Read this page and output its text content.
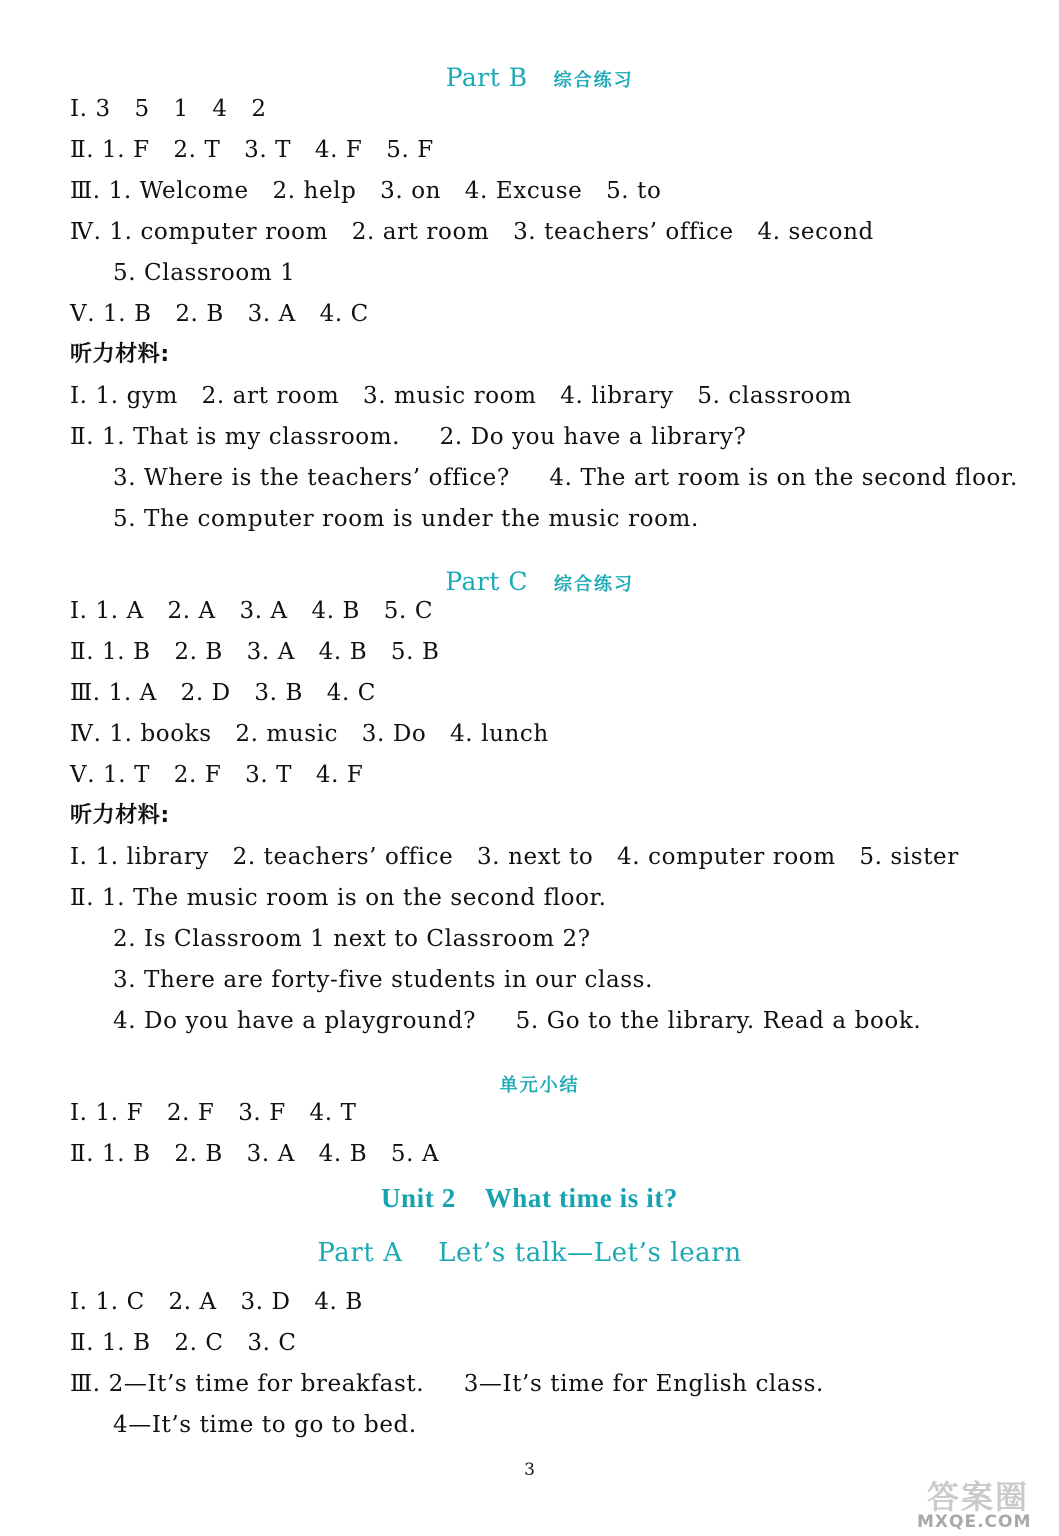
Part B 综合练习

Ⅰ. 3   5   1   4   2
Ⅱ. 1. F   2. T   3. T   4. F   5. F
Ⅲ. 1. Welcome   2. help   3. on   4. Excuse   5. to
Ⅳ. 1. computer room   2. art room   3. teachers’ office   4. second
5. Classroom 1
Ⅴ. 1. B   2. B   3. A   4. C
听力材料:
Ⅰ. 1. gym   2. art room   3. music room   4. library   5. classroom
Ⅱ. 1. That is my classroom.     2. Do you have a library?
3. Where is the teachers’ office?     4. The art room is on the second floor.
5. The computer room is under the music room.

Part C 综合练习

Ⅰ. 1. A   2. A   3. A   4. B   5. C
Ⅱ. 1. B   2. B   3. A   4. B   5. B
Ⅲ. 1. A   2. D   3. B   4. C
Ⅳ. 1. books   2. music   3. Do   4. lunch
Ⅴ. 1. T   2. F   3. T   4. F
听力材料:
Ⅰ. 1. library   2. teachers’ office   3. next to   4. computer room   5. sister
Ⅱ. 1. The music room is on the second floor.
2. Is Classroom 1 next to Classroom 2?
3. There are forty-five students in our class.
4. Do you have a playground?     5. Go to the library. Read a book.

单元小结

Ⅰ. 1. F   2. F   3. F   4. T
Ⅱ. 1. B   2. B   3. A   4. B   5. A
Unit 2    What time is it?
Part A    Let’s talk—Let’s learn
Ⅰ. 1. C   2. A   3. D   4. B
Ⅱ. 1. B   2. C   3. C
Ⅲ. 2—It’s time for breakfast.     3—It’s time for English class.
4—It’s time to go to bed.
3
答案圈
MXQE.COM
